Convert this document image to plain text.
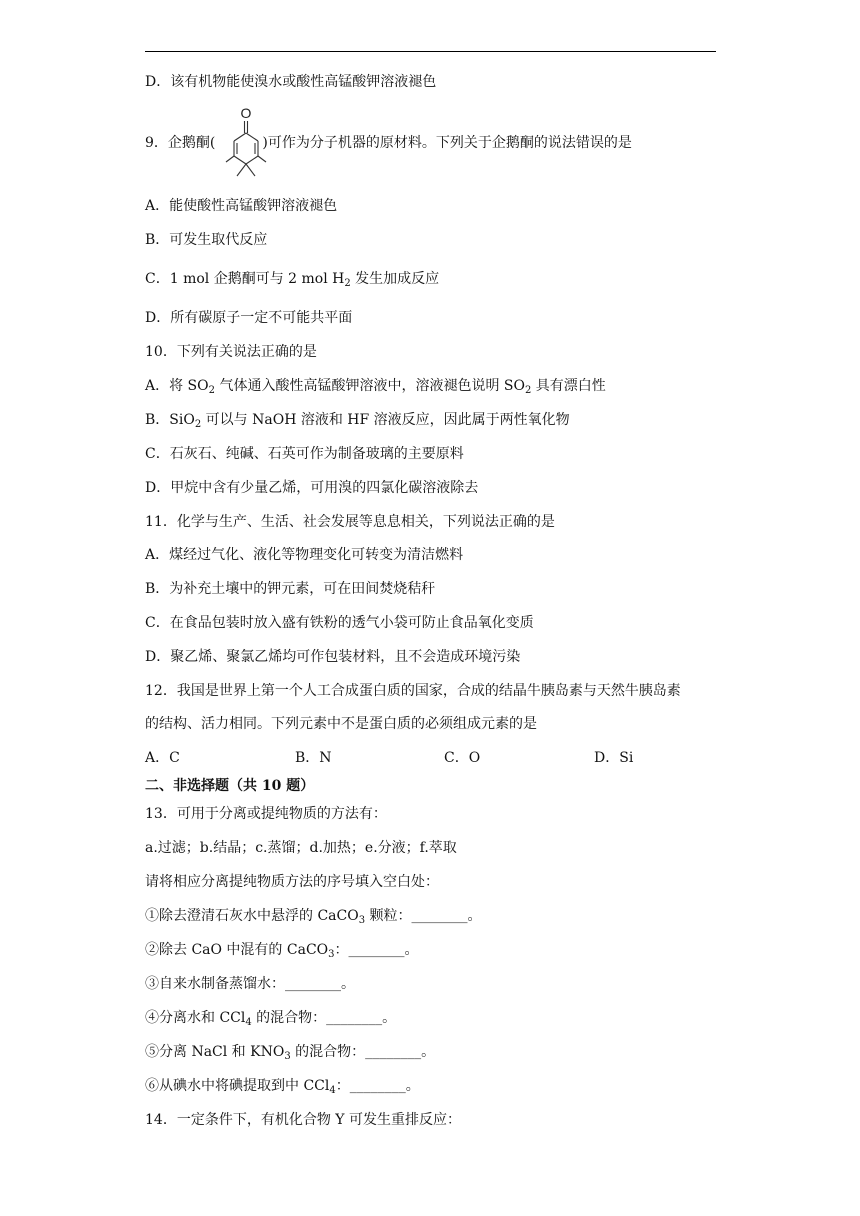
D．该有机物能使溴水或酸性高锰酸钾溶液褪色
9．企鹅酮(	)可作为分子机器的原材料。下列关于企鹅酮的说法错误的是
O
A．能使酸性高锰酸钾溶液褪色
B．可发生取代反应
C．1 mol 企鹅酮可与 2 mol $H_2$ 发生加成反应
D．所有碳原子一定不可能共平面
10．下列有关说法正确的是
A．将 $SO_2$ 气体通入酸性高锰酸钾溶液中，溶液褪色说明 $SO_2$ 具有漂白性
B．SiO$_2$ 可以与 NaOH 溶液和 HF 溶液反应，因此属于两性氧化物
C．石灰石、纯碱、石英可作为制备玻璃的主要原料
D．甲烷中含有少量乙烯，可用溴的四氯化碳溶液除去
11．化学与生产、生活、社会发展等息息相关，下列说法正确的是
A．煤经过气化、液化等物理变化可转变为清洁燃料
B．为补充土壤中的钾元素，可在田间焚烧秸秆
C．在食品包装时放入盛有铁粉的透气小袋可防止食品氧化变质
D．聚乙烯、聚氯乙烯均可作包装材料，且不会造成环境污染
12．我国是世界上第一个人工合成蛋白质的国家，合成的结晶牛胰岛素与天然牛胰岛素
的结构、活力相同。下列元素中不是蛋白质的必须组成元素的是
A．C	B．N	C．O	D．Si
二、非选择题（共 10 题）
13．可用于分离或提纯物质的方法有：
a.过滤；b.结晶；c.蒸馏；d.加热；e.分液；f.萃取
请将相应分离提纯物质方法的序号填入空白处：
①除去澄清石灰水中悬浮的 CaCO$_3$ 颗粒：________。
②除去 CaO 中混有的 CaCO$_3$：________。
③自来水制备蒸馏水：________。
④分离水和 CCl$_4$ 的混合物：________。
⑤分离 NaCl 和 $KNO_3$ 的混合物：________。
⑥从碘水中将碘提取到中 CCl$_4$：________。
14．一定条件下，有机化合物 Y 可发生重排反应：
